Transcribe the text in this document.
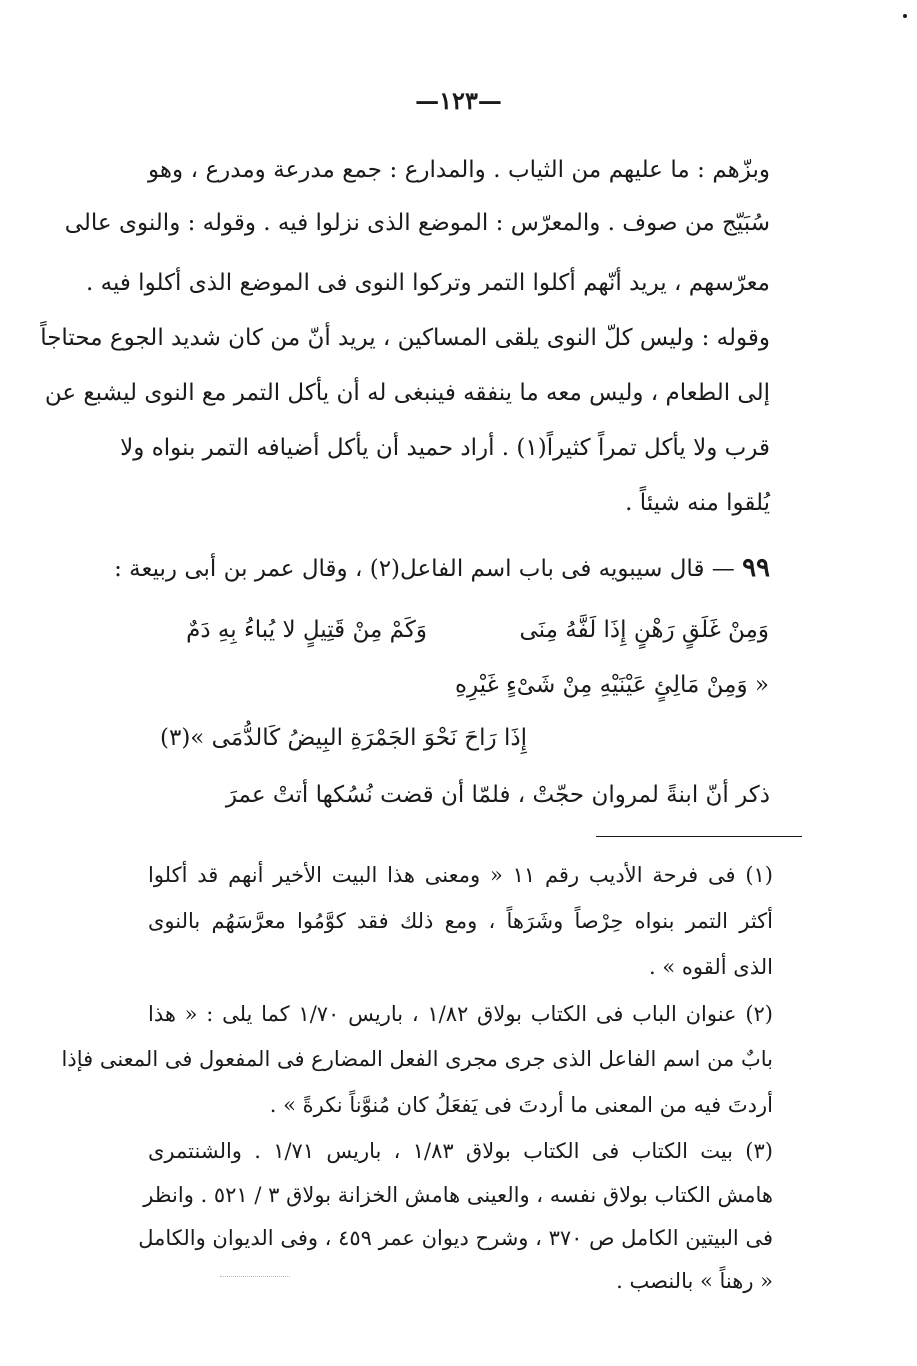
—١٢٣—
وبزّهم : ما عليهم من الثياب . والمدارع : جمع مدرعة ومدرع ، وهو
سُبَيّج من صوف . والمعرّس : الموضع الذى نزلوا فيه . وقوله : والنوى عالى
معرّسهم ، يريد أنّهم أكلوا التمر وتركوا النوى فى الموضع الذى أكلوا فيه .
وقوله : وليس كلّ النوى يلقى المساكين ، يريد أنّ من كان شديد الجوع محتاجاً
إلى الطعام ، وليس معه ما ينفقه فينبغى له أن يأكل التمر مع النوى ليشبع عن
قرب ولا يأكل تمراً كثيراً(١) . أراد حميد أن يأكل أضيافه التمر بنواه ولا
يُلقوا منه شيئاً .
٩٩ — قال سيبويه فى باب اسم الفاعل(٢) ، وقال عمر بن أبى ربيعة :
وَكَمْ مِنْ قَتِيلٍ لا يُباءُ بِهِ دَمٌ	وَمِنْ غَلَقٍ رَهْنٍ إِذَا لَفَّهُ مِنَى
« وَمِنْ مَالِئٍ عَيْنَيْهِ مِنْ شَىْءٍ غَيْرِهِ
إِذَا رَاحَ نَحْوَ الجَمْرَةِ البِيضُ كَالدُّمَى »(٣)
ذكر أنّ ابنةً لمروان حجّتْ ، فلمّا أن قضت نُسُكها أتتْ عمرَ
(١) فى فرحة الأديب رقم ١١ « ومعنى هذا البيت الأخير أنهم قد أكلوا
أكثر التمر بنواه حِرْصاً وشَرَهاً ، ومع ذلك فقد كوَّمُوا معرَّسَهُم بالنوى
الذى ألقوه » .
(٢) عنوان الباب فى الكتاب بولاق ١/٨٢ ، باريس ١/٧٠ كما يلى : « هذا
بابٌ من اسم الفاعل الذى جرى مجرى الفعل المضارع فى المفعول فى المعنى فإذا
أردتَ فيه من المعنى ما أردتَ فى يَفعَلُ كان مُنوَّناً نكرةً » .
(٣) بيت الكتاب فى الكتاب بولاق ١/٨٣ ، باريس ١/٧١ . والشنتمرى
هامش الكتاب بولاق نفسه ، والعينى هامش الخزانة بولاق ٣ / ٥٢١ . وانظر
فى البيتين الكامل ص ٣٧٠ ، وشرح ديوان عمر ٤٥٩ ، وفى الديوان والكامل
« رهناً » بالنصب .
